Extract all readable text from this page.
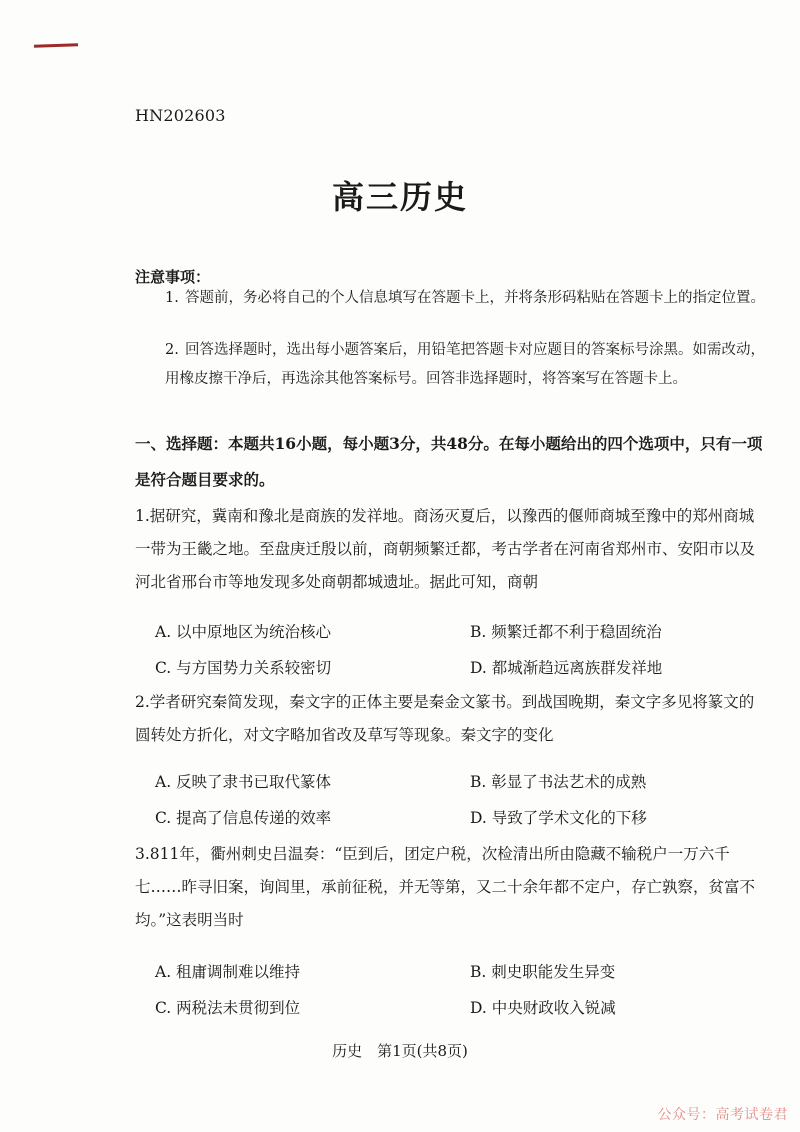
HN202603
高三历史
注意事项：
1. 答题前，务必将自己的个人信息填写在答题卡上，并将条形码粘贴在答题卡上的指定位置。
2. 回答选择题时，选出每小题答案后，用铅笔把答题卡对应题目的答案标号涂黑。如需改动，用橡皮擦干净后，再选涂其他答案标号。回答非选择题时，将答案写在答题卡上。
一、选择题：本题共16小题，每小题3分，共48分。在每小题给出的四个选项中，只有一项是符合题目要求的。
1.据研究，冀南和豫北是商族的发祥地。商汤灭夏后，以豫西的偃师商城至豫中的郑州商城一带为王畿之地。至盘庚迁殷以前，商朝频繁迁都，考古学者在河南省郑州市、安阳市以及河北省邢台市等地发现多处商朝都城遗址。据此可知，商朝
A. 以中原地区为统治核心	B. 频繁迁都不利于稳固统治
C. 与方国势力关系较密切	D. 都城渐趋远离族群发祥地
2.学者研究秦简发现，秦文字的正体主要是秦金文篆书。到战国晚期，秦文字多见将篆文的圆转处方折化，对文字略加省改及草写等现象。秦文字的变化
A. 反映了隶书已取代篆体	B. 彰显了书法艺术的成熟
C. 提高了信息传递的效率	D. 导致了学术文化的下移
3.811年，衢州刺史吕温奏：“臣到后，团定户税，次检清出所由隐藏不输税户一万六千七……昨寻旧案，询闾里，承前征税，并无等第，又二十余年都不定户，存亡孰察，贫富不均。”这表明当时
A. 租庸调制难以维持	B. 刺史职能发生异变
C. 两税法未贯彻到位	D. 中央财政收入锐减
历史　第1页(共8页)
公众号：高考试卷君
